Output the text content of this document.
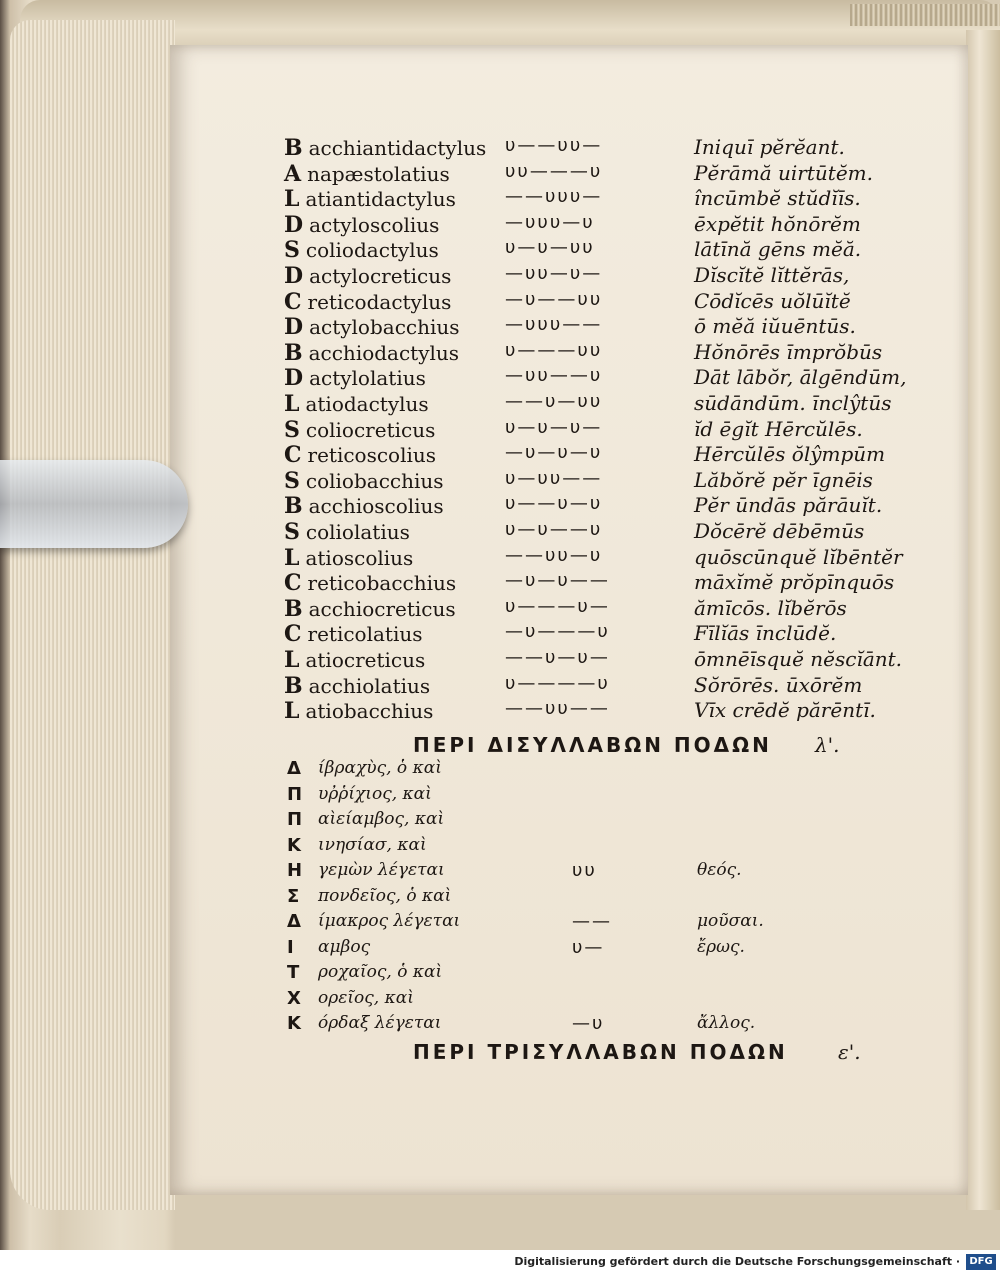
B acchiantidactylus υ——υυ—	Iniquī pĕrĕant.
A napæstolatius	υυ———υ	Pĕrāmă uirtūtĕm.
L atiantidactylus	——υυυ—	încūmbĕ stŭdĭīs.
D actyloscolius	—υυυ—υ	ēxpĕtit hŏnōrĕm
S coliodactylus	υ—υ—υυ	lātīnă gēns mĕă.
D actylocreticus	—υυ—υ—	Dĭscĭtĕ lĭttĕrās,
C reticodactylus	—υ——υυ	Cōdĭcēs uŏlūĭtĕ
D actylobacchius	—υυυ——	ō mĕă iŭuēntūs.
B acchiodactylus	υ———υυ	Hŏnōrēs īmprŏbūs
D actylolatius	—υυ——υ	Dāt lābŏr, ālgēndūm,
L atiodactylus	——υ—υυ	sūdāndūm. īnclŷtūs
S coliocreticus	υ—υ—υ—	ĭd ēgĭt Hērcŭlēs.
C reticoscolius	—υ—υ—υ	Hērcŭlēs ŏlŷmpūm
S coliobacchius	υ—υυ——	Lăbŏrĕ pĕr īgnēis
B acchioscolius	υ——υ—υ	Pĕr ūndās părāuĭt.
S coliolatius	υ—υ——υ	Dŏcērĕ dēbēmūs
L atioscolius	——υυ—υ	quōscūnquĕ lĭbēntĕr
C reticobacchius	—υ—υ——	māxĭmĕ prŏpīnquōs
B acchiocreticus	υ———υ—	ămīcōs. lĭbĕrōs
C reticolatius	—υ———υ	Fīlĭās īnclūdĕ.
L atiocreticus	——υ—υ—	ōmnēīsquĕ nĕscĭānt.
B acchiolatius	υ————υ	Sŏrōrēs. ūxōrĕm
L atiobacchius	——υυ——	Vīx crēdĕ părēntī.
Δ ίβραχὺς, ὁ καὶ
Π υῤῥίχιος, καὶ
Π αὶείαμβος, καὶ
Κ ινησίασ, καὶ
Η γεμὼν λέγεται	υυ	θεός.
Σ πονδεῖος, ὁ καὶ
Δ ίμακρος λέγεται	——	μοῦσαι.
Ι αμβος	υ—	ἔρως.
Τ ροχαῖος, ὁ καὶ
Χ ορεῖος, καὶ
Κ όρδαξ λέγεται	—υ	ἄλλος.
ΠΕΡΙ ΔΙΣΥΛΛΑΒΩΝ ΠΟΔΩΝ λ'.
ΠΕΡΙ ΤΡΙΣΥΛΛΑΒΩΝ ΠΟΔΩΝ	ε'.
Digitalisierung gefördert durch die Deutsche Forschungsgemeinschaft · DFG
